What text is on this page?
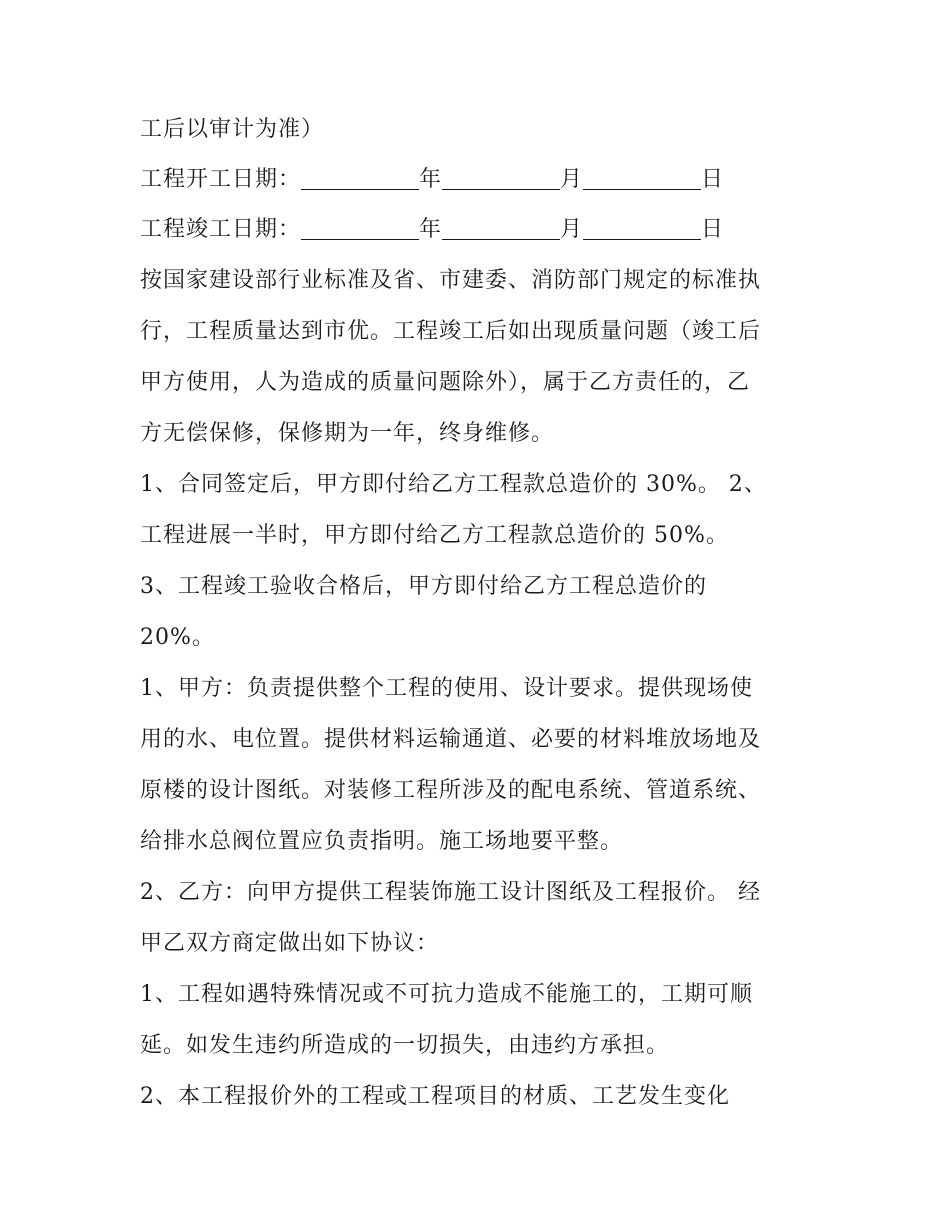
工后以审计为准）
工程开工日期：	年	月	日
工程竣工日期：	年	月	日
按国家建设部行业标准及省、市建委、消防部门规定的标准执
行，工程质量达到市优。工程竣工后如出现质量问题（竣工后
甲方使用，人为造成的质量问题除外），属于乙方责任的，乙
方无偿保修，保修期为一年，终身维修。
1、合同签定后，甲方即付给乙方工程款总造价的 30%。 2、
工程进展一半时，甲方即付给乙方工程款总造价的 50%。
3、工程竣工验收合格后，甲方即付给乙方工程总造价的
20%。
1、甲方：负责提供整个工程的使用、设计要求。提供现场使
用的水、电位置。提供材料运输通道、必要的材料堆放场地及
原楼的设计图纸。对装修工程所涉及的配电系统、管道系统、
给排水总阀位置应负责指明。施工场地要平整。
2、乙方：向甲方提供工程装饰施工设计图纸及工程报价。 经
甲乙双方商定做出如下协议：
1、工程如遇特殊情况或不可抗力造成不能施工的，工期可顺
延。如发生违约所造成的一切损失，由违约方承担。
2、本工程报价外的工程或工程项目的材质、工艺发生变化
